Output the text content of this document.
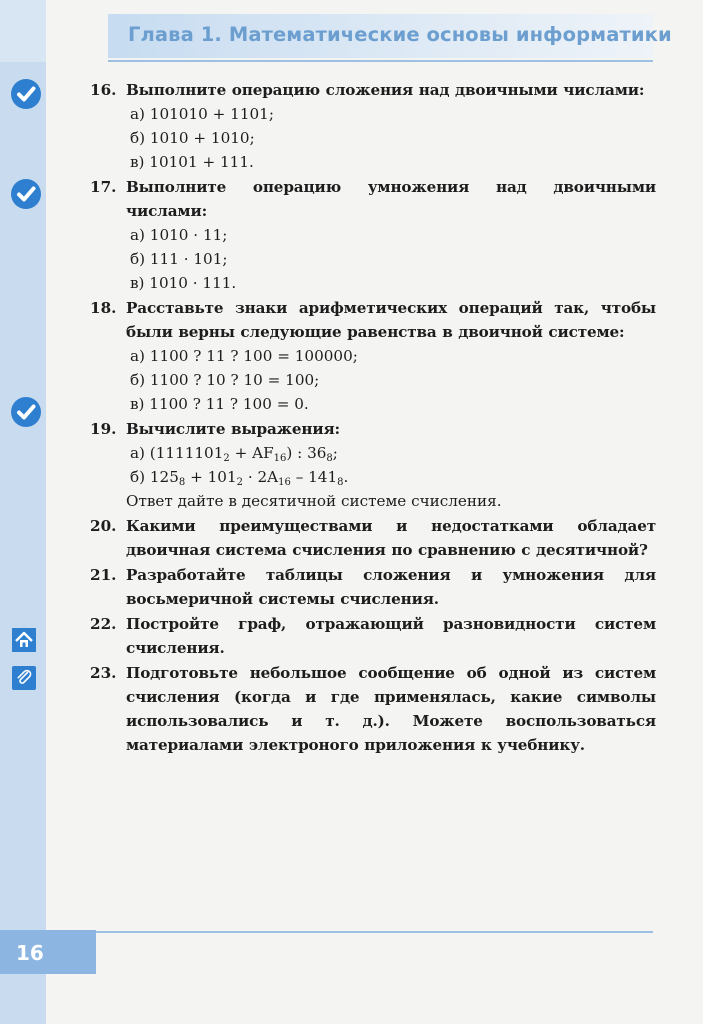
Глава 1. Математические основы информатики
16. Выполните операцию сложения над двоичными числами:
а) 101010 + 1101;
б) 1010 + 1010;
в) 10101 + 111.
17. Выполните операцию умножения над двоичными числами:
а) 1010 · 11;
б) 111 · 101;
в) 1010 · 111.
18. Расставьте знаки арифметических операций так, чтобы были верны следующие равенства в двоичной системе:
а) 1100 ? 11 ? 100 = 100000;
б) 1100 ? 10 ? 10 = 100;
в) 1100 ? 11 ? 100 = 0.
19. Вычислите выражения:
а) $(1111101_2 + AF_{16})$ : $36_8$;
б) $125_8 + 101_2 \cdot 2A_{16} - 141_8$.
Ответ дайте в десятичной системе счисления.
20. Какими преимуществами и недостатками обладает двоичная система счисления по сравнению с десятичной?
21. Разработайте таблицы сложения и умножения для восьмеричной системы счисления.
22. Постройте граф, отражающий разновидности систем счисления.
23. Подготовьте небольшое сообщение об одной из систем счисления (когда и где применялась, какие символы использовались и т. д.). Можете воспользоваться материалами электроного приложения к учебнику.
16
